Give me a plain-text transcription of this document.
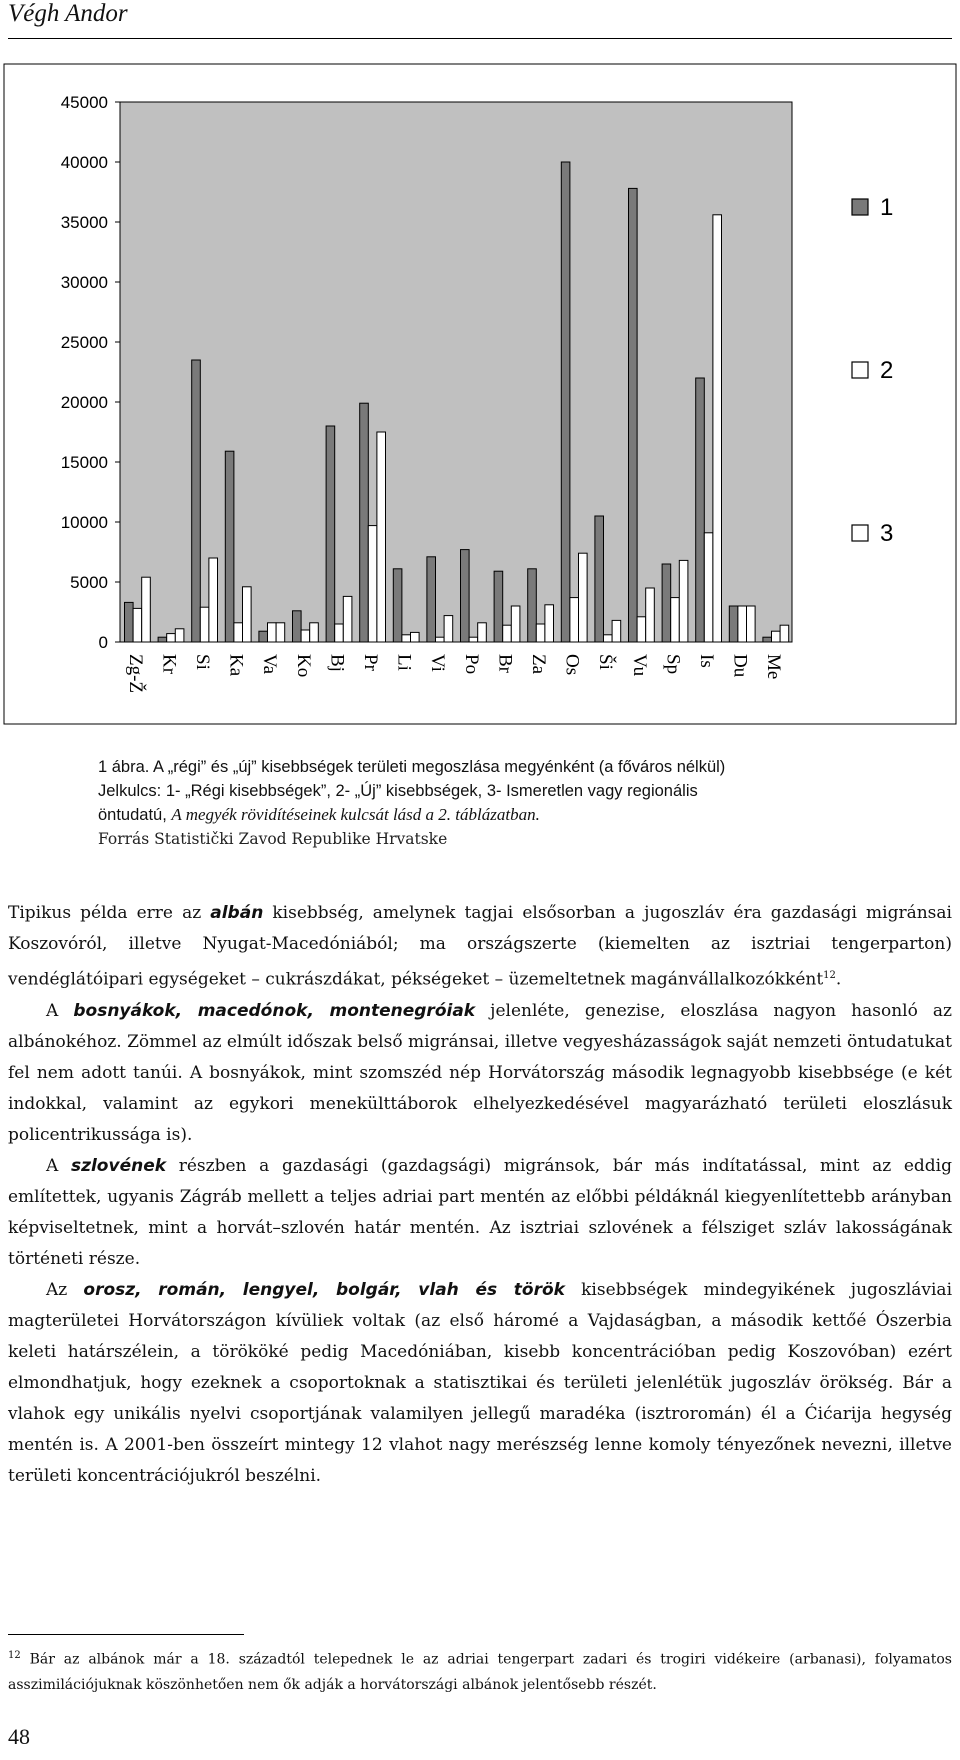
Végh Andor
0
5000
10000
15000
20000
25000
30000
35000
40000
45000
Zg-Ž Kr Si Ka Va Ko Bj Pr Li Vi Po Br Za Os Ši Vu Sp Is Du Me
1
2
3
1 ábra. A „régi” és „új” kisebbségek területi megoszlása megyénként (a főváros nélkül)
Jelkulcs: 1- „Régi kisebbségek”, 2- „Új” kisebbségek, 3- Ismeretlen vagy regionális
öntudatú, A megyék rövidítéseinek kulcsát lásd a 2. táblázatban.
Forrás Statistički Zavod Republike Hrvatske

Tipikus példa erre az albán kisebbség, amelynek tagjai elsősorban a jugoszláv éra gazdasági migránsai Koszovóról, illetve Nyugat-Macedóniából; ma országszerte (kiemelten az isztriai tengerparton) vendéglátóipari egységeket – cukrászdákat, pékségeket – üzemeltetnek magánvállalkozókként$^{12}$.

A bosnyákok, macedónok, montenegróiak jelenléte, genezise, eloszlása nagyon hasonló az albánokéhoz. Zömmel az elmúlt időszak belső migránsai, illetve vegyesházasságok saját nemzeti öntudatukat fel nem adott tanúi. A bosnyákok, mint szomszéd nép Horvátország második legnagyobb kisebbsége (e két indokkal, valamint az egykori menekülttáborok elhelyezkedésével magyarázható területi eloszlásuk policentrikussága is).

A szlovének részben a gazdasági (gazdagsági) migránsok, bár más indítatással, mint az eddig említettek, ugyanis Zágráb mellett a teljes adriai part mentén az előbbi példáknál kiegyenlítettebb arányban képviseltetnek, mint a horvát–szlovén határ mentén. Az isztriai szlovének a félsziget szláv lakosságának történeti része.

Az orosz, román, lengyel, bolgár, vlah és török kisebbségek mindegyikének jugoszláviai magterületei Horvátországon kívüliek voltak (az első háromé a Vajdaságban, a második kettőé Ószerbia keleti határszélein, a törököké pedig Macedóniában, kisebb koncentrációban pedig Koszovóban) ezért elmondhatjuk, hogy ezeknek a csoportoknak a statisztikai és területi jelenlétük jugoszláv örökség. Bár a vlahok egy unikális nyelvi csoportjának valamilyen jellegű maradéka (isztroromán) él a Ćićarija hegység mentén is. A 2001-ben összeírt mintegy 12 vlahot nagy merészség lenne komoly tényezőnek nevezni, illetve területi koncentrációjukról beszélni.

$^{12}$ Bár az albánok már a 18. századtól telepednek le az adriai tengerpart zadari és trogiri vidékeire (arbanasi), folyamatos asszimilációjuknak köszönhetően nem ők adják a horvátországi albánok jelentősebb részét.
48
